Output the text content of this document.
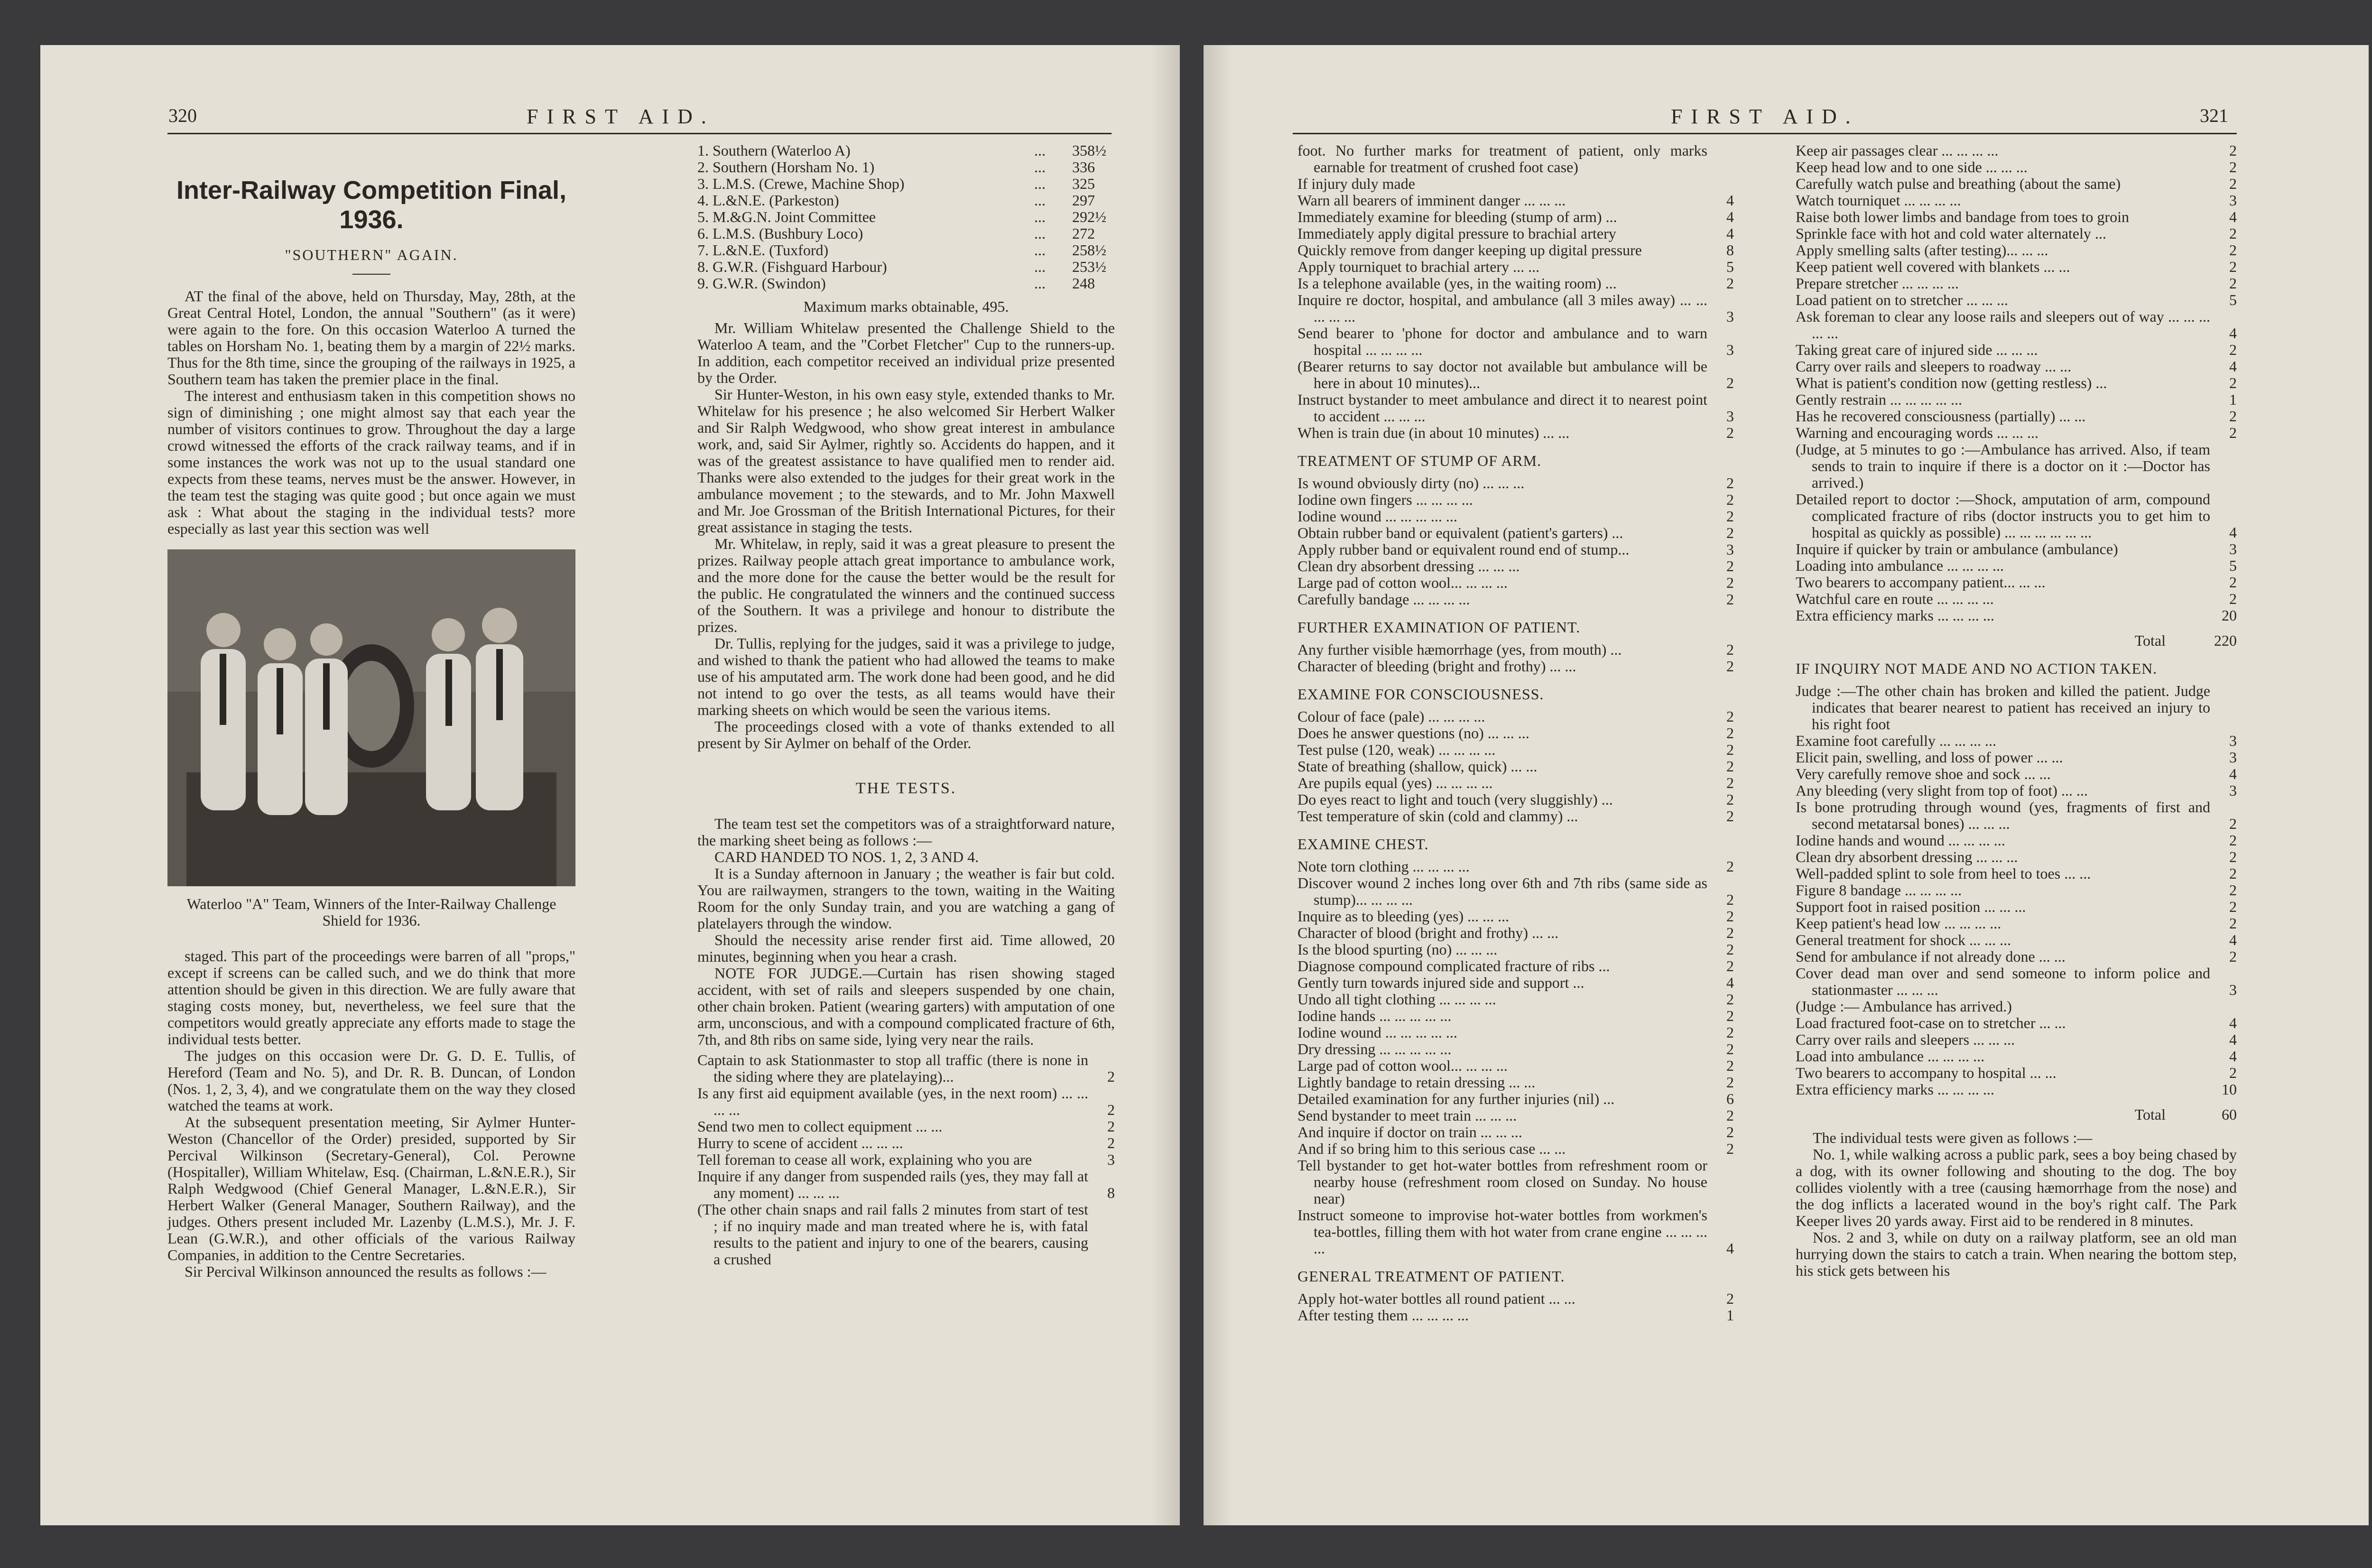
320	FIRST AID.
Inter-Railway Competition Final, 1936.
"SOUTHERN" AGAIN.

AT the final of the above, held on Thursday, May, 28th, at the Great Central Hotel, London, the annual "Southern" (as it were) were again to the fore. On this occasion Waterloo A turned the tables on Horsham No. 1, beating them by a margin of 22½ marks. Thus for the 8th time, since the grouping of the railways in 1925, a Southern team has taken the premier place in the final.

The interest and enthusiasm taken in this competition shows no sign of diminishing ; one might almost say that each year the number of visitors continues to grow. Throughout the day a large crowd witnessed the efforts of the crack railway teams, and if in some instances the work was not up to the usual standard one expects from these teams, nerves must be the answer. However, in the team test the staging was quite good ; but once again we must ask : What about the staging in the individual tests? more especially as last year this section was well

Waterloo "A" Team, Winners of the Inter-Railway Challenge Shield for 1936.

staged. This part of the proceedings were barren of all "props," except if screens can be called such, and we do think that more attention should be given in this direction. We are fully aware that staging costs money, but, nevertheless, we feel sure that the competitors would greatly appreciate any efforts made to stage the individual tests better.

The judges on this occasion were Dr. G. D. E. Tullis, of Hereford (Team and No. 5), and Dr. R. B. Duncan, of London (Nos. 1, 2, 3, 4), and we congratulate them on the way they closed watched the teams at work.

At the subsequent presentation meeting, Sir Aylmer Hunter-Weston (Chancellor of the Order) presided, supported by Sir Percival Wilkinson (Secretary-General), Col. Perowne (Hospitaller), William Whitelaw, Esq. (Chairman, L.&N.E.R.), Sir Ralph Wedgwood (Chief General Manager, L.&N.E.R.), Sir Herbert Walker (General Manager, Southern Railway), and the judges. Others present included Mr. Lazenby (L.M.S.), Mr. J. F. Lean (G.W.R.), and other officials of the various Railway Companies, in addition to the Centre Secretaries.

Sir Percival Wilkinson announced the results as follows :—

1. Southern (Waterloo A)	...	358½
2. Southern (Horsham No. 1)	...	336
3. L.M.S. (Crewe, Machine Shop)	...	325
4. L.&N.E. (Parkeston)	...	297
5. M.&G.N. Joint Committee	...	292½
6. L.M.S. (Bushbury Loco)	...	272
7. L.&N.E. (Tuxford)	...	258½
8. G.W.R. (Fishguard Harbour)	...	253½
9. G.W.R. (Swindon)	...	248
Maximum marks obtainable, 495.

Mr. William Whitelaw presented the Challenge Shield to the Waterloo A team, and the "Corbet Fletcher" Cup to the runners-up. In addition, each competitor received an individual prize presented by the Order.

Sir Hunter-Weston, in his own easy style, extended thanks to Mr. Whitelaw for his presence ; he also welcomed Sir Herbert Walker and Sir Ralph Wedgwood, who show great interest in ambulance work, and, said Sir Aylmer, rightly so. Accidents do happen, and it was of the greatest assistance to have qualified men to render aid. Thanks were also extended to the judges for their great work in the ambulance movement ; to the stewards, and to Mr. John Maxwell and Mr. Joe Grossman of the British International Pictures, for their great assistance in staging the tests.

Mr. Whitelaw, in reply, said it was a great pleasure to present the prizes. Railway people attach great importance to ambulance work, and the more done for the cause the better would be the result for the public. He congratulated the winners and the continued success of the Southern. It was a privilege and honour to distribute the prizes.

Dr. Tullis, replying for the judges, said it was a privilege to judge, and wished to thank the patient who had allowed the teams to make use of his amputated arm. The work done had been good, and he did not intend to go over the tests, as all teams would have their marking sheets on which would be seen the various items.

The proceedings closed with a vote of thanks extended to all present by Sir Aylmer on behalf of the Order.

THE TESTS.

The team test set the competitors was of a straightforward nature, the marking sheet being as follows :—

CARD HANDED TO NOS. 1, 2, 3 AND 4.

It is a Sunday afternoon in January ; the weather is fair but cold. You are railwaymen, strangers to the town, waiting in the Waiting Room for the only Sunday train, and you are watching a gang of platelayers through the window.

Should the necessity arise render first aid. Time allowed, 20 minutes, beginning when you hear a crash.

NOTE FOR JUDGE.—Curtain has risen showing staged accident, with set of rails and sleepers suspended by one chain, other chain broken. Patient (wearing garters) with amputation of one arm, unconscious, and with a compound complicated fracture of 6th, 7th, and 8th ribs on same side, lying very near the rails.

Captain to ask Stationmaster to stop all traffic (there is none in the siding where they are platelaying)...	2
Is any first aid equipment available (yes, in the next room) ... ... ... ...	2
Send two men to collect equipment ... ...	2
Hurry to scene of accident ... ... ...	2
Tell foreman to cease all work, explaining who you are	3
Inquire if any danger from suspended rails (yes, they may fall at any moment) ... ... ...	8
(The other chain snaps and rail falls 2 minutes from start of test ; if no inquiry made and man treated where he is, with fatal results to the patient and injury to one of the bearers, causing a crushed
FIRST AID.	321
foot. No further marks for treatment of patient, only marks earnable for treatment of crushed foot case)
If injury duly made
Warn all bearers of imminent danger ... ... ...	4
Immediately examine for bleeding (stump of arm) ...	4
Immediately apply digital pressure to brachial artery	4
Quickly remove from danger keeping up digital pressure	8
Apply tourniquet to brachial artery ... ...	5
Is a telephone available (yes, in the waiting room) ...	2
Inquire re doctor, hospital, and ambulance (all 3 miles away) ... ... ... ... ...	3
Send bearer to 'phone for doctor and ambulance and to warn hospital ... ... ... ...	3
(Bearer returns to say doctor not available but ambulance will be here in about 10 minutes)...	2
Instruct bystander to meet ambulance and direct it to nearest point to accident ... ... ...	3
When is train due (in about 10 minutes) ... ...	2
TREATMENT OF STUMP OF ARM.
Is wound obviously dirty (no) ... ... ...	2
Iodine own fingers ... ... ... ...	2
Iodine wound ... ... ... ... ...	2
Obtain rubber band or equivalent (patient's garters) ...	2
Apply rubber band or equivalent round end of stump...	3
Clean dry absorbent dressing ... ... ...	2
Large pad of cotton wool... ... ... ...	2
Carefully bandage ... ... ... ...	2
FURTHER EXAMINATION OF PATIENT.
Any further visible hæmorrhage (yes, from mouth) ...	2
Character of bleeding (bright and frothy) ... ...	2
EXAMINE FOR CONSCIOUSNESS.
Colour of face (pale) ... ... ... ...	2
Does he answer questions (no) ... ... ...	2
Test pulse (120, weak) ... ... ... ...	2
State of breathing (shallow, quick) ... ...	2
Are pupils equal (yes) ... ... ... ...	2
Do eyes react to light and touch (very sluggishly) ...	2
Test temperature of skin (cold and clammy) ...	2
EXAMINE CHEST.
Note torn clothing ... ... ... ...	2
Discover wound 2 inches long over 6th and 7th ribs (same side as stump)... ... ... ...	2
Inquire as to bleeding (yes) ... ... ...	2
Character of blood (bright and frothy) ... ...	2
Is the blood spurting (no) ... ... ...	2
Diagnose compound complicated fracture of ribs ...	2
Gently turn towards injured side and support ...	4
Undo all tight clothing ... ... ... ...	2
Iodine hands ... ... ... ... ...	2
Iodine wound ... ... ... ... ...	2
Dry dressing ... ... ... ... ...	2
Large pad of cotton wool... ... ... ...	2
Lightly bandage to retain dressing ... ...	2
Detailed examination for any further injuries (nil) ...	6
Send bystander to meet train ... ... ...	2
And inquire if doctor on train ... ... ...	2
And if so bring him to this serious case ... ...	2
Tell bystander to get hot-water bottles from refreshment room or nearby house (refreshment room closed on Sunday. No house near)
Instruct someone to improvise hot-water bottles from workmen's tea-bottles, filling them with hot water from crane engine ... ... ... ...	4
GENERAL TREATMENT OF PATIENT.
Apply hot-water bottles all round patient ... ...	2
After testing them ... ... ... ...	1
Keep air passages clear ... ... ... ...	2
Keep head low and to one side ... ... ...	2
Carefully watch pulse and breathing (about the same)	2
Watch tourniquet ... ... ... ...	3
Raise both lower limbs and bandage from toes to groin	4
Sprinkle face with hot and cold water alternately ...	2
Apply smelling salts (after testing)... ... ...	2
Keep patient well covered with blankets ... ...	2
Prepare stretcher ... ... ... ...	2
Load patient on to stretcher ... ... ...	5
Ask foreman to clear any loose rails and sleepers out of way ... ... ... ... ...	4
Taking great care of injured side ... ... ...	2
Carry over rails and sleepers to roadway ... ...	4
What is patient's condition now (getting restless) ...	2
Gently restrain ... ... ... ... ...	1
Has he recovered consciousness (partially) ... ...	2
Warning and encouraging words ... ... ...	2
(Judge, at 5 minutes to go :—Ambulance has arrived. Also, if team sends to train to inquire if there is a doctor on it :—Doctor has arrived.)
Detailed report to doctor :—Shock, amputation of arm, compound complicated fracture of ribs (doctor instructs you to get him to hospital as quickly as possible) ... ... ... ... ... ...	4
Inquire if quicker by train or ambulance (ambulance)	3
Loading into ambulance ... ... ... ...	5
Two bearers to accompany patient... ... ...	2
Watchful care en route ... ... ... ...	2
Extra efficiency marks ... ... ... ...	20
Total	220
IF INQUIRY NOT MADE AND NO ACTION TAKEN.
Judge :—The other chain has broken and killed the patient. Judge indicates that bearer nearest to patient has received an injury to his right foot
Examine foot carefully ... ... ... ...	3
Elicit pain, swelling, and loss of power ... ...	3
Very carefully remove shoe and sock ... ...	4
Any bleeding (very slight from top of foot) ... ...	3
Is bone protruding through wound (yes, fragments of first and second metatarsal bones) ... ... ...	2
Iodine hands and wound ... ... ... ...	2
Clean dry absorbent dressing ... ... ...	2
Well-padded splint to sole from heel to toes ... ...	2
Figure 8 bandage ... ... ... ...	2
Support foot in raised position ... ... ...	2
Keep patient's head low ... ... ... ...	2
General treatment for shock ... ... ...	4
Send for ambulance if not already done ... ...	2
Cover dead man over and send someone to inform police and stationmaster ... ... ...	3
(Judge :— Ambulance has arrived.)
Load fractured foot-case on to stretcher ... ...	4
Carry over rails and sleepers ... ... ...	4
Load into ambulance ... ... ... ...	4
Two bearers to accompany to hospital ... ...	2
Extra efficiency marks ... ... ... ...	10
Total	60

The individual tests were given as follows :—

No. 1, while walking across a public park, sees a boy being chased by a dog, with its owner following and shouting to the dog. The boy collides violently with a tree (causing hæmorrhage from the nose) and the dog inflicts a lacerated wound in the boy's right calf. The Park Keeper lives 20 yards away. First aid to be rendered in 8 minutes.

Nos. 2 and 3, while on duty on a railway platform, see an old man hurrying down the stairs to catch a train. When nearing the bottom step, his stick gets between his
